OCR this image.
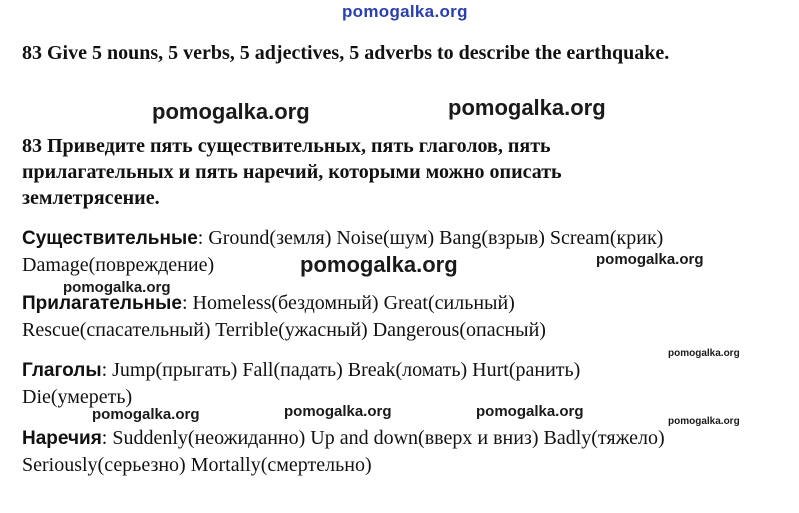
pomogalka.org
pomogalka.org	pomogalka.org
pomogalka.org	pomogalka.org
pomogalka.org
pomogalka.org
pomogalka.org	pomogalka.org	pomogalka.org
pomogalka.org
83 Give 5 nouns, 5 verbs, 5 adjectives, 5 adverbs to describe the earthquake.
83 Приведите пять существительных, пять глаголов, пять прилагательных и пять наречий, которыми можно описать землетрясение.
Существительные: Ground(земля) Noise(шум) Bang(взрыв) Scream(крик)
Damage(повреждение)
Прилагательные: Homeless(бездомный) Great(сильный)
Rescue(спасательный) Terrible(ужасный) Dangerous(опасный)
Глаголы: Jump(прыгать) Fall(падать) Break(ломать) Hurt(ранить)
Die(умереть)
Наречия: Suddenly(неожиданно) Up and down(вверх и вниз) Badly(тяжело)
Seriously(серьезно) Mortally(смертельно)
